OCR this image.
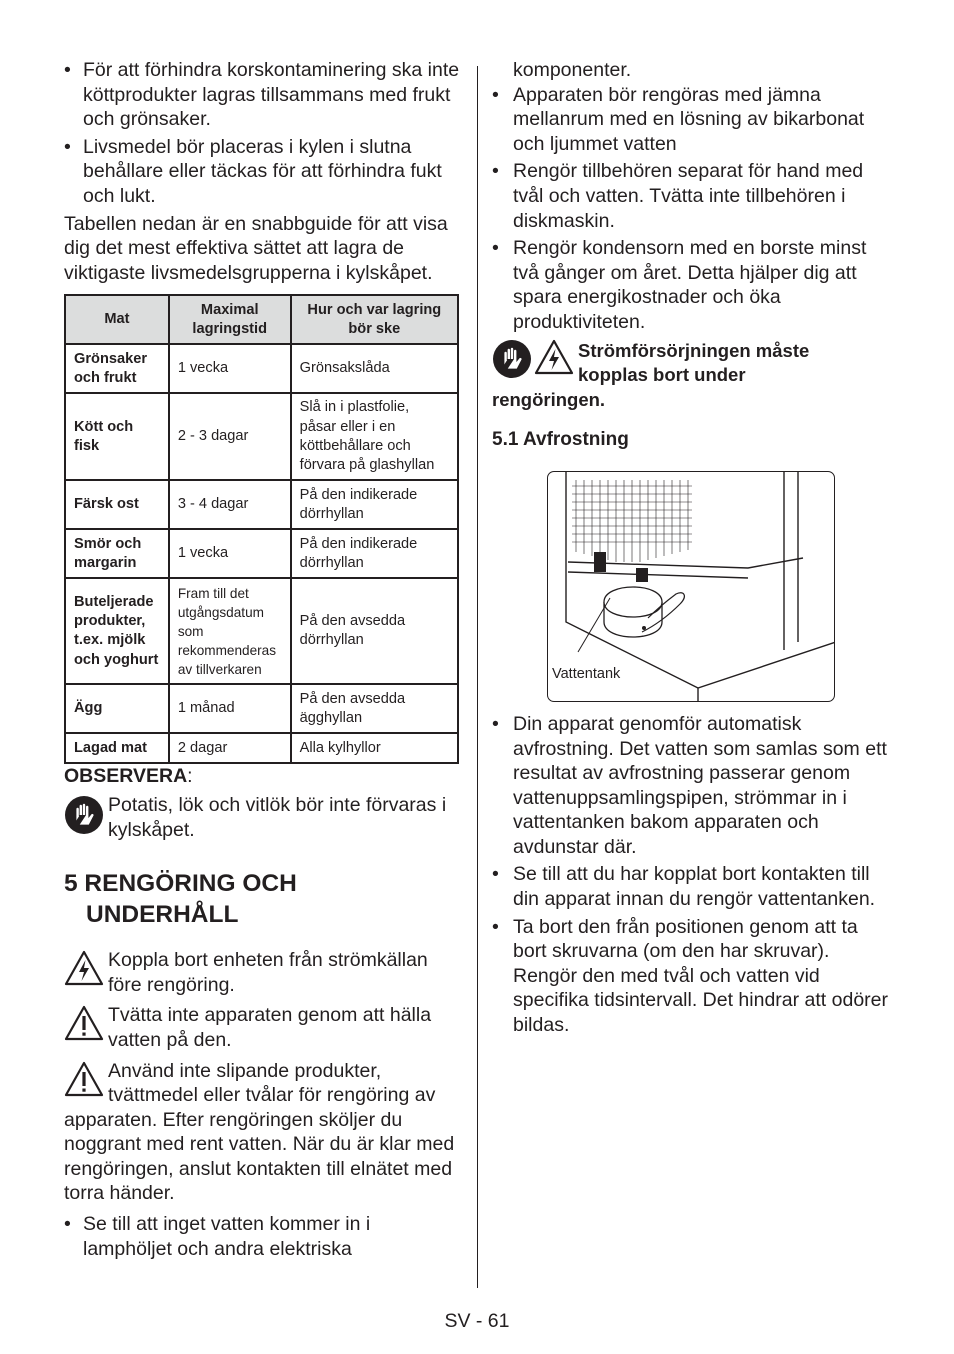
• För att förhindra korskontaminering ska inte köttprodukter lagras tillsammans med frukt och grönsaker.
• Livsmedel bör placeras i kylen i slutna behållare eller täckas för att förhindra fukt och lukt.
Tabellen nedan är en snabbguide för att visa dig det mest effektiva sättet att lagra de viktigaste livsmedelsgrupperna i kylskåpet.
Mat	Maximal lagringstid	Hur och var lagring bör ske
Grönsaker och frukt	1 vecka	Grönsakslåda
Kött och fisk	2 - 3 dagar	Slå in i plastfolie, påsar eller i en köttbehållare och förvara på glashyllan
Färsk ost	3 - 4 dagar	På den indikerade dörrhyllan
Smör och margarin	1 vecka	På den indikerade dörrhyllan
Buteljerade produkter, t.ex. mjölk och yoghurt	Fram till det utgångsdatum som rekommenderas av tillverkaren	På den avsedda dörrhyllan
Ägg	1 månad	På den avsedda ägghyllan
Lagad mat	2 dagar	Alla kylhyllor
OBSERVERA:
Potatis, lök och vitlök bör inte förvaras i kylskåpet.
5 RENGÖRING OCH
UNDERHÅLL
Koppla bort enheten från strömkällan före rengöring.
Tvätta inte apparaten genom att hälla vatten på den.
Använd inte slipande produkter, tvättmedel eller tvålar för rengöring av apparaten. Efter rengöringen sköljer du noggrant med rent vatten. När du är klar med rengöringen, anslut kontakten till elnätet med torra händer.
• Se till att inget vatten kommer in i lamphöljet och andra elektriska
komponenter.
• Apparaten bör rengöras med jämna mellanrum med en lösning av bikarbonat och ljummet vatten
• Rengör tillbehören separat för hand med tvål och vatten. Tvätta inte tillbehören i diskmaskin.
• Rengör kondensorn med en borste minst två gånger om året. Detta hjälper dig att spara energikostnader och öka produktiviteten.
Strömförsörjningen måste
kopplas bort under
rengöringen.
5.1 Avfrostning
Vattentank
• Din apparat genomför automatisk avfrostning. Det vatten som samlas som ett resultat av avfrostning passerar genom vattenuppsamlingspipen, strömmar in i vattentanken bakom apparaten och avdunstar där.
• Se till att du har kopplat bort kontakten till din apparat innan du rengör vattentanken.
• Ta bort den från positionen genom att ta bort skruvarna (om den har skruvar). Rengör den med tvål och vatten vid specifika tidsintervall. Det hindrar att odörer bildas.
SV - 61
